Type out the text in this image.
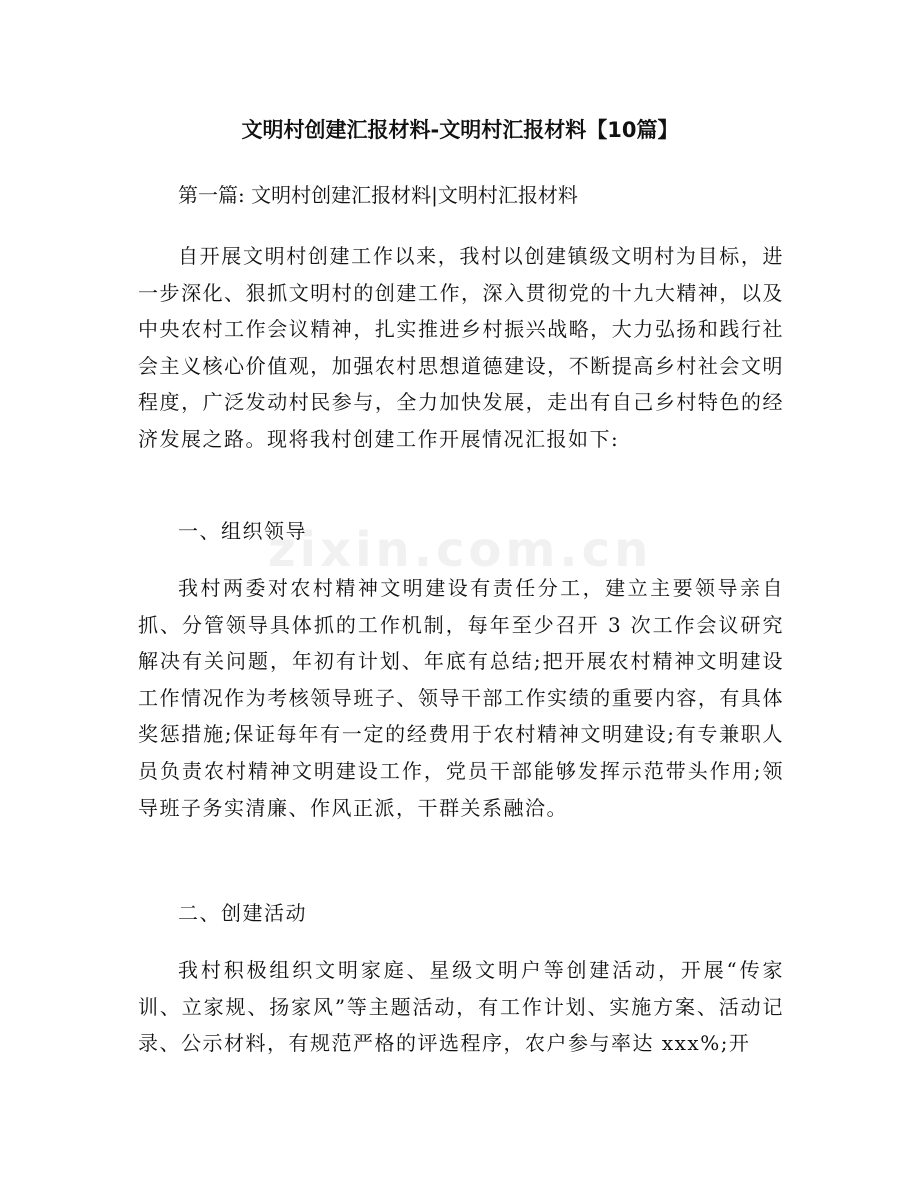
zixin.com.cn
文明村创建汇报材料-文明村汇报材料【10篇】
第一篇: 文明村创建汇报材料|文明村汇报材料

自开展文明村创建工作以来，我村以创建镇级文明村为目标，进一步深化、狠抓文明村的创建工作，深入贯彻党的十九大精神，以及中央农村工作会议精神，扎实推进乡村振兴战略，大力弘扬和践行社会主义核心价值观，加强农村思想道德建设，不断提高乡村社会文明程度，广泛发动村民参与，全力加快发展，走出有自己乡村特色的经济发展之路。现将我村创建工作开展情况汇报如下:

一、组织领导

我村两委对农村精神文明建设有责任分工，建立主要领导亲自抓、分管领导具体抓的工作机制，每年至少召开 3 次工作会议研究解决有关问题，年初有计划、年底有总结;把开展农村精神文明建设工作情况作为考核领导班子、领导干部工作实绩的重要内容，有具体奖惩措施;保证每年有一定的经费用于农村精神文明建设;有专兼职人员负责农村精神文明建设工作，党员干部能够发挥示范带头作用;领导班子务实清廉、作风正派，干群关系融洽。

二、创建活动

我村积极组织文明家庭、星级文明户等创建活动，开展“传家训、立家规、扬家风”等主题活动，有工作计划、实施方案、活动记录、公示材料，有规范严格的评选程序，农户参与率达 xxx%;开
